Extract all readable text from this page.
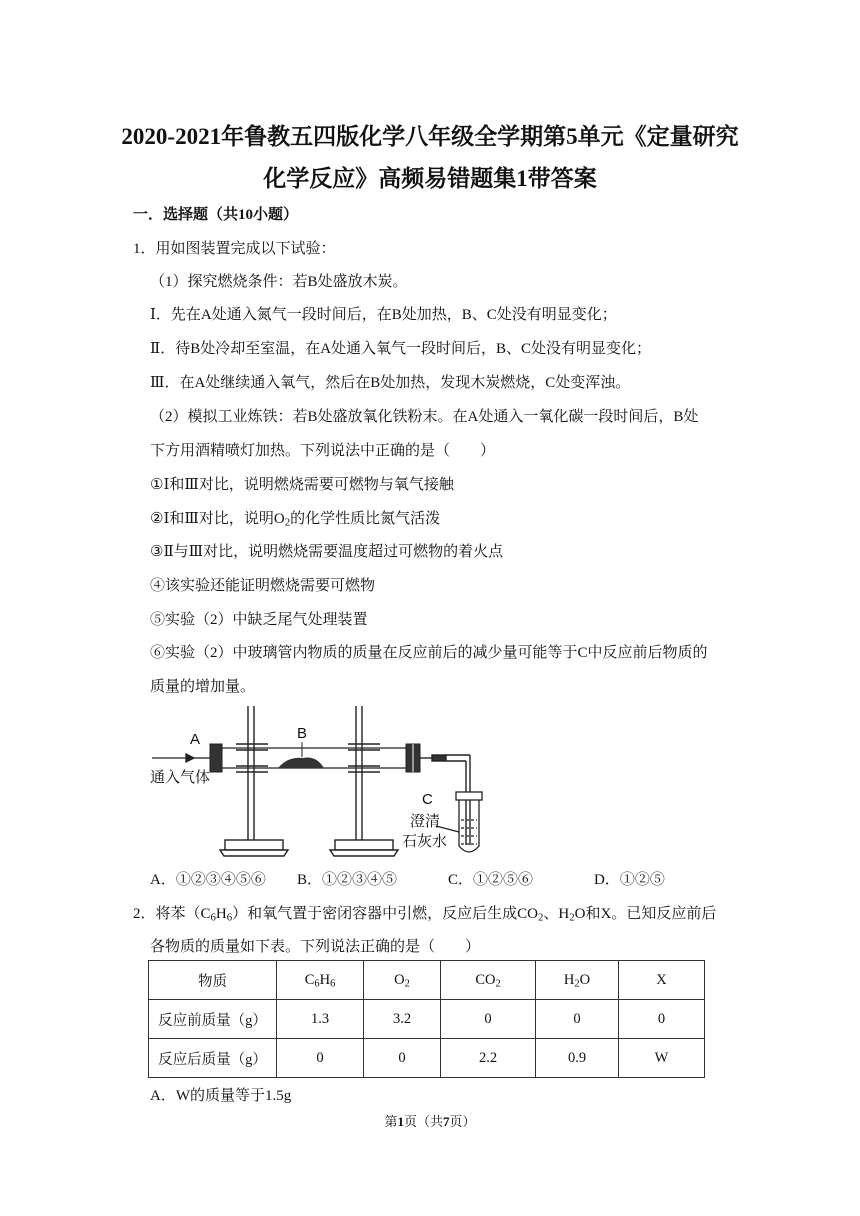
2020-2021年鲁教五四版化学八年级全学期第5单元《定量研究
化学反应》高频易错题集1带答案
一．选择题（共10小题）
1．用如图装置完成以下试验：
（1）探究燃烧条件：若B处盛放木炭。
Ⅰ．先在A处通入氮气一段时间后，在B处加热，B、C处没有明显变化；
Ⅱ．待B处冷却至室温，在A处通入氧气一段时间后，B、C处没有明显变化；
Ⅲ．在A处继续通入氧气，然后在B处加热，发现木炭燃烧，C处变浑浊。
（2）模拟工业炼铁：若B处盛放氧化铁粉末。在A处通入一氧化碳一段时间后，B处
下方用酒精喷灯加热。下列说法中正确的是（　　）
①Ⅰ和Ⅲ对比，说明燃烧需要可燃物与氧气接触
②Ⅰ和Ⅲ对比，说明$O_2$的化学性质比氮气活泼
③Ⅱ与Ⅲ对比，说明燃烧需要温度超过可燃物的着火点
④该实验还能证明燃烧需要可燃物
⑤实验（2）中缺乏尾气处理装置
⑥实验（2）中玻璃管内物质的质量在反应前后的减少量可能等于C中反应前后物质的
质量的增加量。
A	B
C
通入气体
澄清
石灰水
A．①②③④⑤⑥ B．①②③④⑤	C．①②⑤⑥	D．①②⑤
2．将苯$(C_6H_6)$和氧气置于密闭容器中引燃，反应后生成$CO_2$、$H_2O$和X。已知反应前后
各物质的质量如下表。下列说法正确的是（　　）
物质	$C_6H_6$	$O_2$	$CO_2$	$H_2O$	X
反应前质量（g）	1.3	3.2	0	0	0
反应后质量（g）	0	0	2.2	0.9	W
A．W的质量等于1.5g
第1页（共7页）
